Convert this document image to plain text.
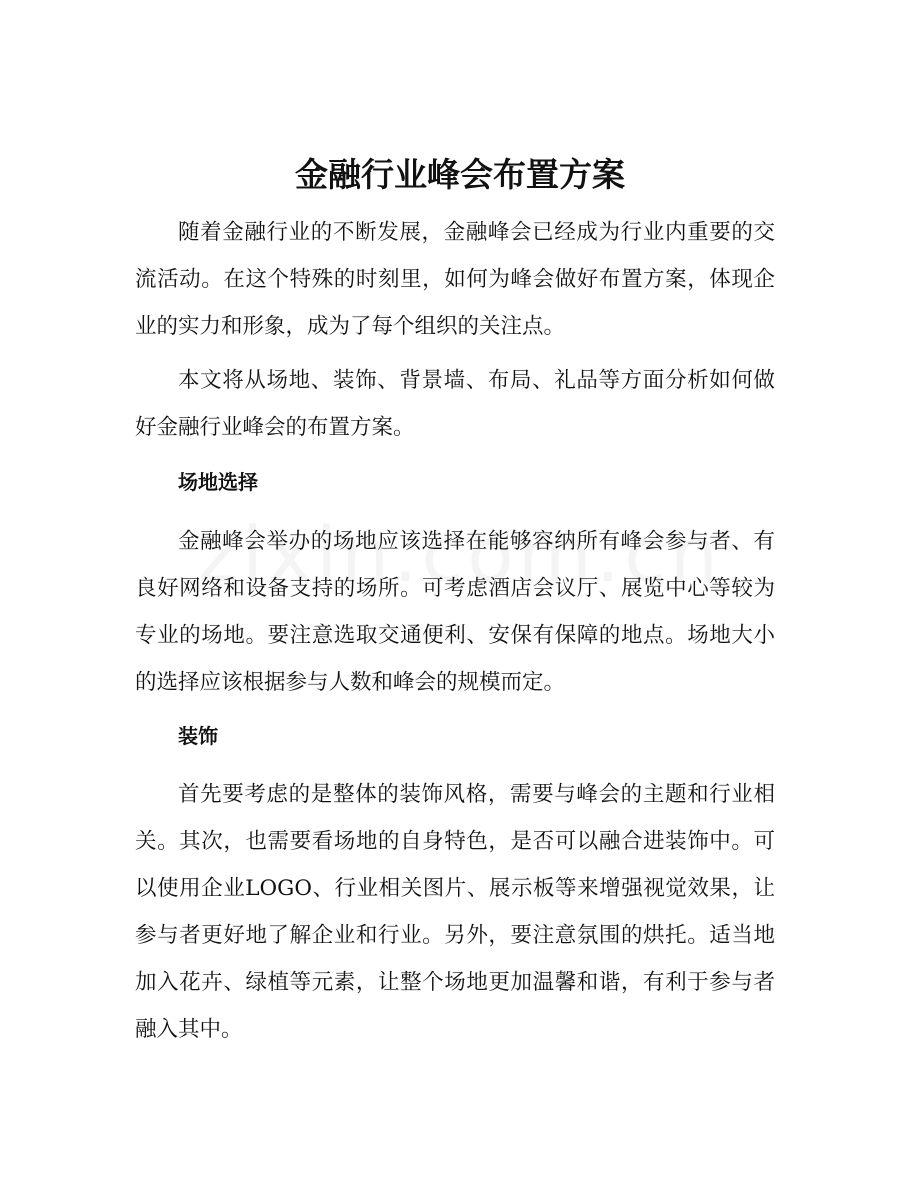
金融行业峰会布置方案

随着金融行业的不断发展，金融峰会已经成为行业内重要的交流活动。在这个特殊的时刻里，如何为峰会做好布置方案，体现企业的实力和形象，成为了每个组织的关注点。

本文将从场地、装饰、背景墙、布局、礼品等方面分析如何做好金融行业峰会的布置方案。

场地选择

金融峰会举办的场地应该选择在能够容纳所有峰会参与者、有良好网络和设备支持的场所。可考虑酒店会议厅、展览中心等较为专业的场地。要注意选取交通便利、安保有保障的地点。场地大小的选择应该根据参与人数和峰会的规模而定。

装饰

首先要考虑的是整体的装饰风格，需要与峰会的主题和行业相关。其次，也需要看场地的自身特色，是否可以融合进装饰中。可以使用企业LOGO、行业相关图片、展示板等来增强视觉效果，让参与者更好地了解企业和行业。另外，要注意氛围的烘托。适当地加入花卉、绿植等元素，让整个场地更加温馨和谐，有利于参与者融入其中。
